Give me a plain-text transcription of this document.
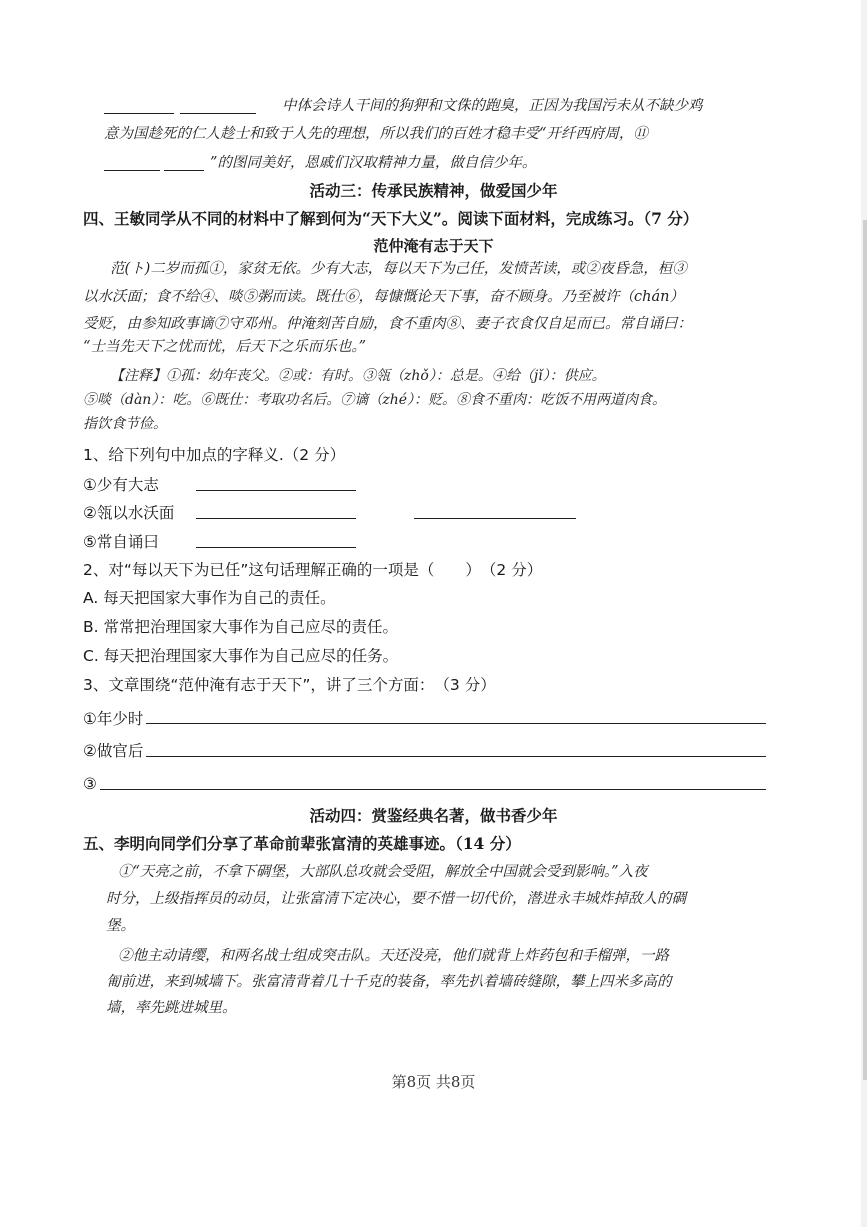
中体会诗人干间的狗狎和文侏的跑臭，正因为我国污未从不缺少鸡
意为国趁死的仁人趁士和致于人先的理想，所以我们的百姓才稳丰受“开纤西府周，⑪
”的图同美好，恩戚们汉取精神力量，做自信少年。
活动三：传承民族精神，做爱国少年
四、王敏同学从不同的材料中了解到何为“天下大义”。阅读下面材料，完成练习。（7 分）
范仲淹有志于天下
范(ト)二岁而孤①，家贫无依。少有大志，每以天下为己任，发愤苦读，或②夜昏急，桓③
以水沃面；食不给④、啖⑤粥而读。既仕⑥，每慷慨论天下事，奋不顾身。乃至被许（chán）
受贬，由参知政事谪⑦守邓州。仲淹刻苦自励，食不重肉⑧、妻子衣食仅自足而已。常自诵曰：
“士当先天下之忧而忧，后天下之乐而乐也。”
【注释】①孤：幼年丧父。②或：有时。③瓴（zhǒ）：总是。④给（jǐ）：供应。
⑤啖（dàn）：吃。⑥既仕：考取功名后。⑦谪（zhé）：贬。⑧食不重肉：吃饭不用两道肉食。
指饮食节俭。
1、给下列句中加点的字释义.（2 分）
①少有大志
②瓴以水沃面
⑤常自诵曰
2、对“每以天下为已任”这句话理解正确的一项是（　　）　（2 分）
A. 每天把国家大事作为自己的责任。
B. 常常把治理国家大事作为自己应尽的责任。
C. 每天把治理国家大事作为自己应尽的任务。
3、文章围绕“范仲淹有志于天下”，讲了三个方面：　（3 分）
①年少时
②做官后
③
活动四：赏鉴经典名著，做书香少年
五、李明向同学们分享了革命前辈张富清的英雄事迹。（14 分）
①“天亮之前，不拿下碉堡，大部队总攻就会受阻，解放全中国就会受到影响。”入夜
时分，上级指挥员的动员，让张富清下定决心，要不惜一切代价，潜进永丰城炸掉敌人的碉
堡。
②他主动请缨，和两名战士组成突击队。天还没亮，他们就背上炸药包和手榴弹，一路
匍前进，来到城墙下。张富清背着几十千克的装备，率先扒着墙砖缝隙，攀上四米多高的
墙，率先跳进城里。
第8页 共8页
